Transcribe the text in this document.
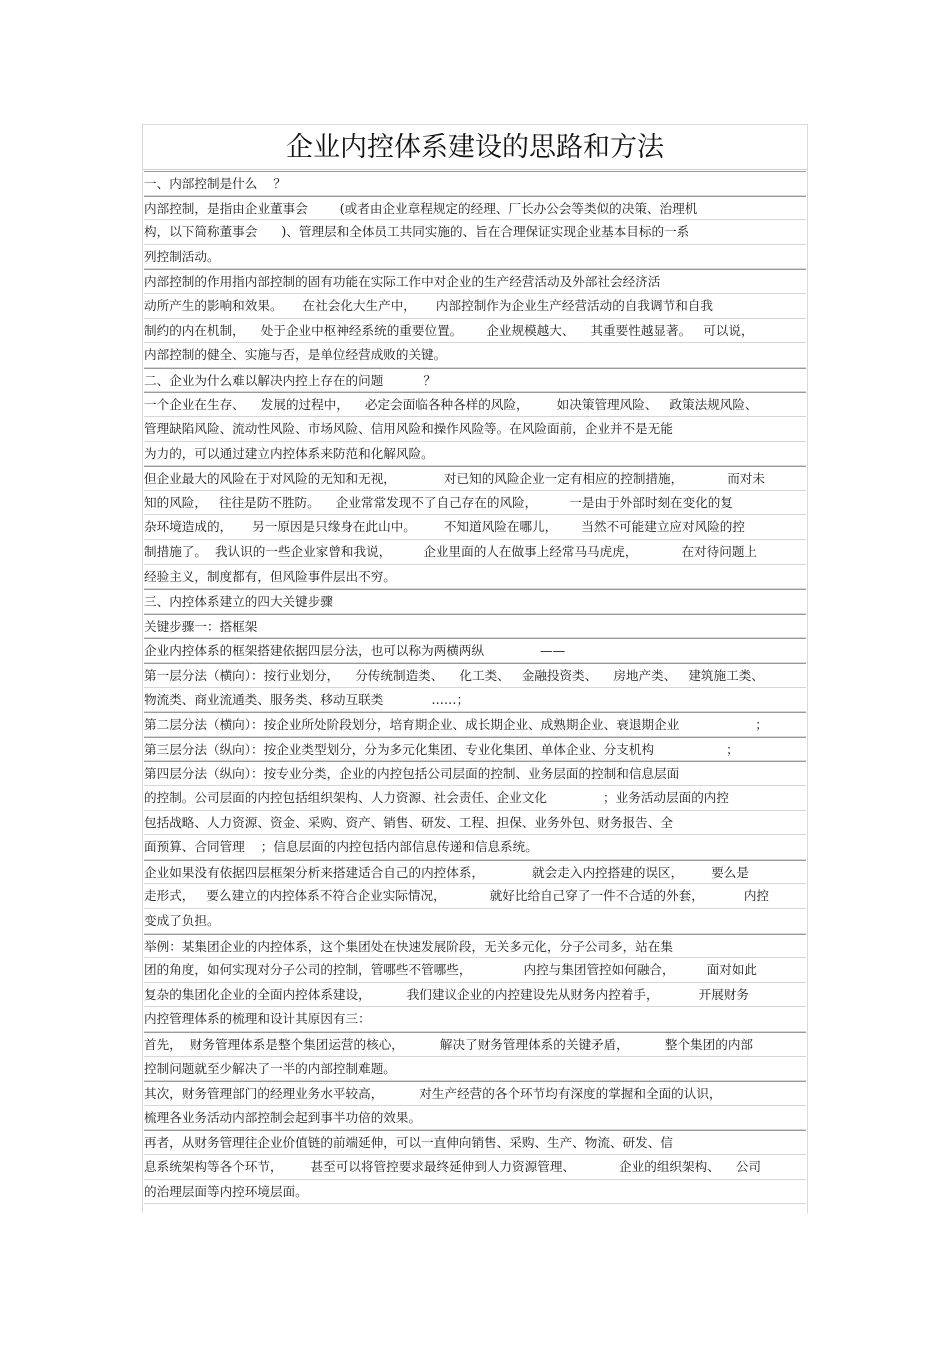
企业内控体系建设的思路和方法
一、内部控制是什么    ？
内部控制，是指由企业董事会        (或者由企业章程规定的经理、厂长办公会等类似的决策、治理机
构，以下简称董事会      )、管理层和全体员工共同实施的、旨在合理保证实现企业基本目标的一系
列控制活动。
内部控制的作用指内部控制的固有功能在实际工作中对企业的生产经营活动及外部社会经济活
动所产生的影响和效果。     在社会化大生产中，     内部控制作为企业生产经营活动的自我调节和自我
制约的内在机制，    处于企业中枢神经系统的重要位置。      企业规模越大、    其重要性越显著。   可以说，
内部控制的健全、实施与否，是单位经营成败的关键。
二、企业为什么难以解决内控上存在的问题          ？
一个企业在生存、    发展的过程中，    必定会面临各种各样的风险，       如决策管理风险、   政策法规风险、
管理缺陷风险、流动性风险、市场风险、信用风险和操作风险等。在风险面前，企业并不是无能
为力的，可以通过建立内控体系来防范和化解风险。
但企业最大的风险在于对风险的无知和无视，            对已知的风险企业一定有相应的控制措施，           而对未
知的风险，   往往是防不胜防。    企业常常发现不了自己存在的风险，        一是由于外部时刻在变化的复
杂环境造成的，     另一原因是只缘身在此山中。       不知道风险在哪儿，      当然不可能建立应对风险的控
制措施了。  我认识的一些企业家曾和我说，        企业里面的人在做事上经常马马虎虎，           在对待问题上
经验主义，制度都有，但风险事件层出不穷。
三、内控体系建立的四大关键步骤
关键步骤一：搭框架
企业内控体系的框架搭建依据四层分法，也可以称为两横两纵              ——
第一层分法（横向）：按行业划分，    分传统制造类、    化工类、   金融投资类、    房地产类、   建筑施工类、
物流类、商业流通类、服务类、移动互联类            ……；
第二层分法（横向）：按企业所处阶段划分，培育期企业、成长期企业、成熟期企业、衰退期企业                   ；
第三层分法（纵向）：按企业类型划分，分为多元化集团、专业化集团、单体企业、分支机构                  ；
第四层分法（纵向）：按专业分类，企业的内控包括公司层面的控制、业务层面的控制和信息层面
的控制。公司层面的内控包括组织架构、人力资源、社会责任、企业文化              ；业务活动层面的内控
包括战略、人力资源、资金、采购、资产、销售、研发、工程、担保、业务外包、财务报告、全
面预算、合同管理    ；信息层面的内控包括内部信息传递和信息系统。
企业如果没有依据四层框架分析来搭建适合自己的内控体系，            就会走入内控搭建的误区，       要么是
走形式，   要么建立的内控体系不符合企业实际情况，           就好比给自己穿了一件不合适的外套，          内控
变成了负担。
举例：某集团企业的内控体系，这个集团处在快速发展阶段，无关多元化，分子公司多，站在集
团的角度，如何实现对分子公司的控制，管哪些不管哪些，             内控与集团管控如何融合，        面对如此
复杂的集团化企业的全面内控体系建设，         我们建议企业的内控建设先从财务内控着手，          开展财务
内控管理体系的梳理和设计其原因有三：
首先，  财务管理体系是整个集团运营的核心，         解决了财务管理体系的关键矛盾，         整个集团的内部
控制问题就至少解决了一半的内部控制难题。
其次，财务管理部门的经理业务水平较高，         对生产经营的各个环节均有深度的掌握和全面的认识，
梳理各业务活动内部控制会起到事半功倍的效果。
再者，从财务管理往企业价值链的前端延伸，可以一直伸向销售、采购、生产、物流、研发、信
息系统架构等各个环节，       甚至可以将管控要求最终延伸到人力资源管理、           企业的组织架构、    公司
的治理层面等内控环境层面。
